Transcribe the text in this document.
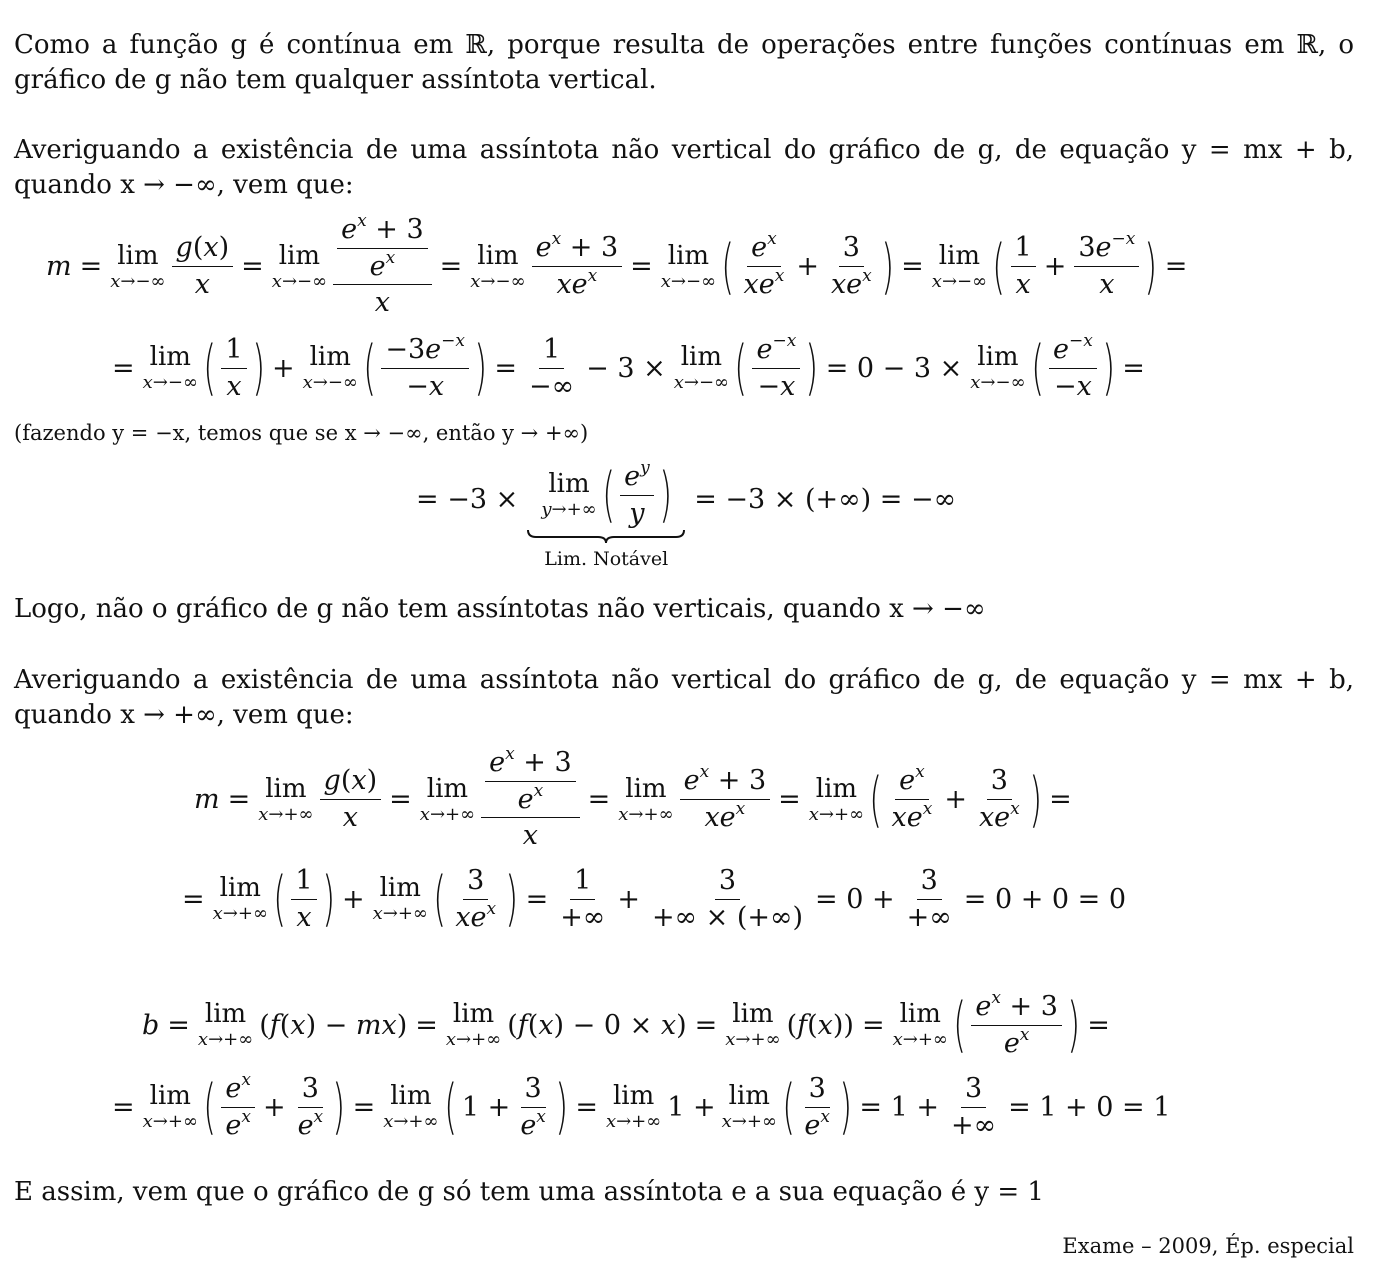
Como a função g é contínua em ℝ, porque resulta de operações entre funções contínuas em ℝ, o gráfico de g não tem qualquer assíntota vertical.
Averiguando a existência de uma assíntota não vertical do gráfico de g, de equação y = mx + b, quando x → −∞, vem que:
m = lim
$x\to-\infty \frac{g(x)}{x} = \lim$
$x\to-\infty \frac{\frac{e^x + 3}{e^x}}{x} = \lim$
$x\to-\infty \frac{e^x + 3}{xe^x} = \lim$
x→−∞ ( $\frac{e^x}{xe^x} + \frac{3}{xe^x}$ ) = lim
x→−∞ ( $\frac{1}{x} + \frac{3e^{-x}}{x}$ ) =
= lim
x→−∞ ( $\frac{1}{x}$ ) + lim
x→−∞ ( $\frac{-3e^{-x}}{-x}$ ) = $\frac{1}{-\infty} - 3 \times \lim$
x→−∞ ( $\frac{e^{-x}}{-x}$ ) = 0 − 3 × lim
x→−∞ ( $\frac{e^{-x}}{-x}$ ) =
(fazendo y = −x, temos que se x → −∞, então y → +∞)
= −3 × lim
y→+∞ ( $\frac{e^y}{y}$ )
Lim. Notável
= −3 × (+∞) = −∞
Logo, não o gráfico de g não tem assíntotas não verticais, quando x → −∞
Averiguando a existência de uma assíntota não vertical do gráfico de g, de equação y = mx + b, quando x → +∞, vem que:
m = lim
$x\to+\infty \frac{g(x)}{x} = \lim$
$x\to+\infty \frac{\frac{e^x + 3}{e^x}}{x} = \lim$
$x\to+\infty \frac{e^x + 3}{xe^x} = \lim$
x→+∞ ( $\frac{e^x}{xe^x} + \frac{3}{xe^x}$ ) =
= lim
x→+∞ ( $\frac{1}{x}$ ) + lim
x→+∞ ( $\frac{3}{xe^x}$ ) = $\frac{1}{+\infty} + \frac{3}{+\infty \times (+\infty)} = 0 + \frac{3}{+\infty} = 0 + 0 = 0$
b = lim
x→+∞ (f(x) − mx) = lim
x→+∞ (f(x) − 0 × x) = lim
x→+∞ (f(x)) = lim
x→+∞ ( $\frac{e^x + 3}{e^x}$ ) =
= lim
x→+∞ ( $\frac{e^x}{e^x} + \frac{3}{e^x}$ ) = lim
x→+∞ ( $1 + \frac{3}{e^x}$ ) = lim
x→+∞ 1 + lim
x→+∞ ( $\frac{3}{e^x}$ ) = $1 + \frac{3}{+\infty} = 1 + 0 = 1$
E assim, vem que o gráfico de g só tem uma assíntota e a sua equação é y = 1
Exame – 2009, Ép. especial
